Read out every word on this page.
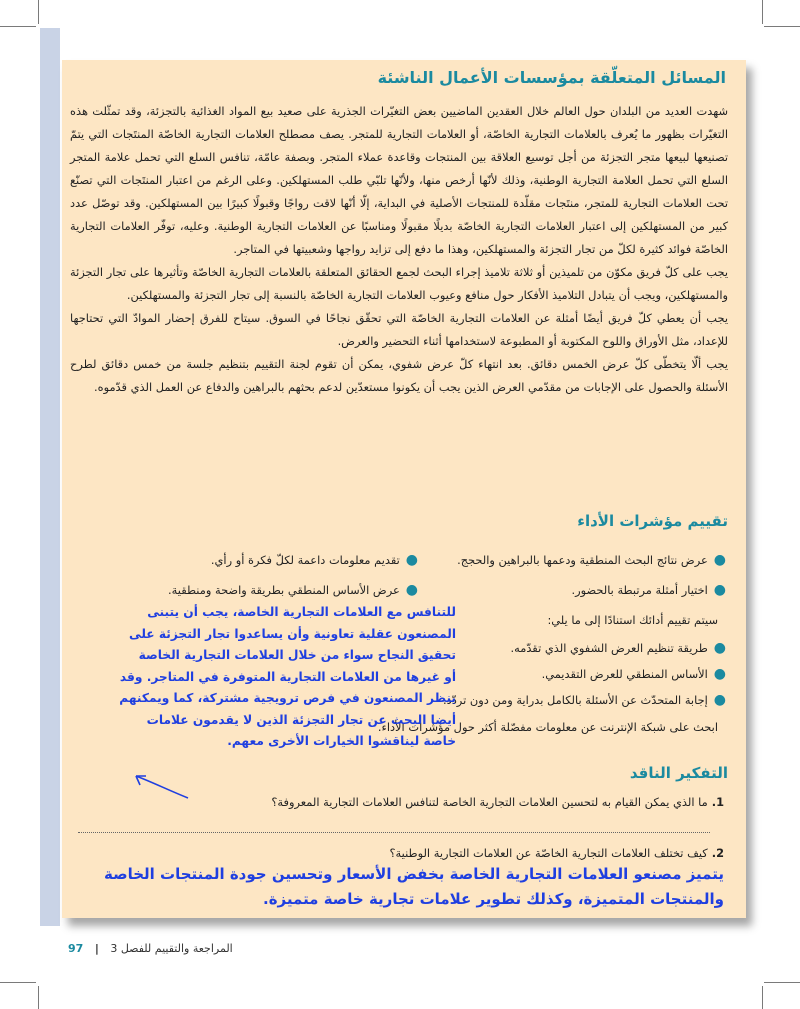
المسائل المتعلّقة بمؤسسات الأعمال الناشئة

شهدت العديد من البلدان حول العالم خلال العقدين الماضيين بعض التغيّرات الجذرية على صعيد بيع المواد الغذائية بالتجزئة، وقد تمثّلت هذه التغيّرات بظهور ما يُعرف بالعلامات التجارية الخاصّة، أو العلامات التجارية للمتجر. يصف مصطلح العلامات التجارية الخاصّة المنتَجات التي يتمّ تصنيعها لبيعها متجر التجزئة من أجل توسيع العلاقة بين المنتجات وقاعدة عملاء المتجر. وبصفة عامّة، تنافس السلع التي تحمل علامة المتجر السلع التي تحمل العلامة التجارية الوطنية، وذلك لأنّها أرخص منها، ولأنّها تلبّي طلب المستهلكين. وعلى الرغم من اعتبار المنتَجات التي تصنّع تحت العلامات التجارية للمتجر، منتَجات مقلّدة للمنتجات الأصلية في البداية، إلّا أنّها لاقت رواجًا وقبولًا كبيرًا بين المستهلكين. وقد توصّل عدد كبير من المستهلكين إلى اعتبار العلامات التجارية الخاصّة بديلًا مقبولًا ومناسبًا عن العلامات التجارية الوطنية. وعليه، توفّر العلامات التجارية الخاصّة فوائد كثيرة لكلّ من تجار التجزئة والمستهلكين، وهذا ما دفع إلى تزايد رواجها وشعبيتها في المتاجر.

يجب على كلّ فريق مكوّن من تلميذين أو ثلاثة تلاميذ إجراء البحث لجمع الحقائق المتعلقة بالعلامات التجارية الخاصّة وتأثيرها على تجار التجزئة والمستهلكين، ويجب أن يتبادل التلاميذ الأفكار حول منافع وعيوب العلامات التجارية الخاصّة بالنسبة إلى تجار التجزئة والمستهلكين.

يجب أن يعطي كلّ فريق أيضًا أمثلة عن العلامات التجارية الخاصّة التي تحقّق نجاحًا في السوق. سيتاح للفرق إحضار الموادّ التي تحتاجها للإعداد، مثل الأوراق واللوح المكتوبة أو المطبوعة لاستخدامها أثناء التحضير والعرض.

يجب ألّا يتخطّى كلّ عرض الخمس دقائق. بعد انتهاء كلّ عرض شفوي، يمكن أن تقوم لجنة التقييم بتنظيم جلسة من خمس دقائق لطرح الأسئلة والحصول على الإجابات من مقدّمي العرض الذين يجب أن يكونوا مستعدّين لدعم بحثهم بالبراهين والدفاع عن العمل الذي قدّموه.

تقييم مؤشرات الأداء
●عرض نتائج البحث المنطقية ودعمها بالبراهين والحجج.
●تقديم معلومات داعمة لكلّ فكرة أو رأي.
●اختيار أمثلة مرتبطة بالحضور.
●عرض الأساس المنطقي بطريقة واضحة ومنطقية.
سيتم تقييم أدائك استنادًا إلى ما يلي:
●طريقة تنظيم العرض الشفوي الذي تقدّمه.
●الأساس المنطقي للعرض التقديمي.
●إجابة المتحدّث عن الأسئلة بالكامل بدراية ومن دون تردّد.
ابحث على شبكة الإنترنت عن معلومات مفصّلة أكثر حول مؤشرات الأداء.
للتنافس مع العلامات التجارية الخاصة، يجب أن يتبنى
المصنعون عقلية تعاونية وأن يساعدوا تجار التجزئة على
تحقيق النجاح سواء من خلال العلامات التجارية الخاصة
أو غيرها من العلامات التجارية المتوفرة في المتاجر. وقد
ينظر المصنعون في فرص ترويجية مشتركة، كما ويمكنهم
أيضا البحث عن تجار التجزئة الذين لا يقدمون علامات
خاصة ليناقشوا الخيارات الأخرى معهم.
التفكير الناقد
1.ما الذي يمكن القيام به لتحسين العلامات التجارية الخاصة لتنافس العلامات التجارية المعروفة؟
2.كيف تختلف العلامات التجارية الخاصّة عن العلامات التجارية الوطنية؟
يتميز مصنعو العلامات التجارية الخاصة بخفض الأسعار وتحسين جودة المنتجات الخاصة
والمنتجات المتميزة، وكذلك تطوير علامات تجارية خاصة متميزة.
97 | المراجعة والتقييم للفصل 3
